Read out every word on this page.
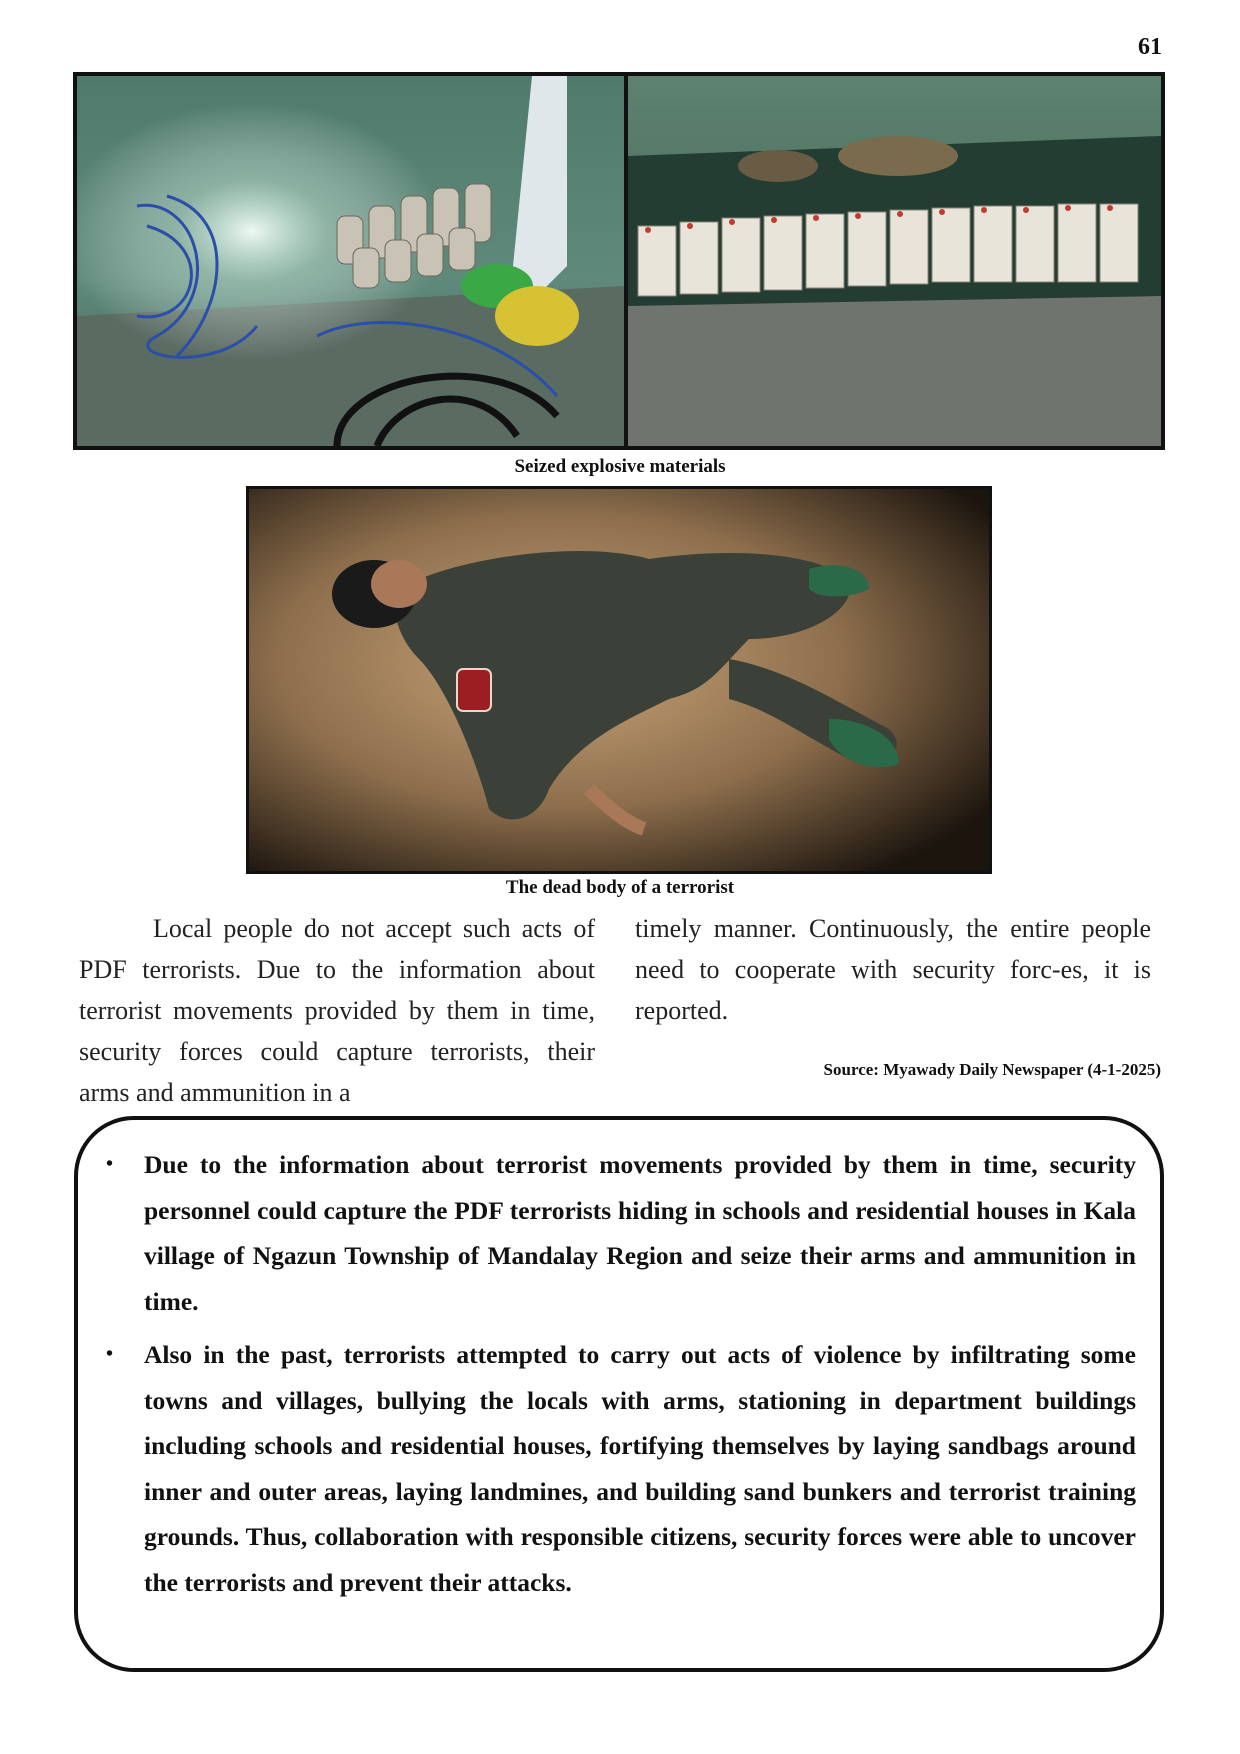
61
Seized explosive materials
The dead body of a terrorist
Local people do not accept such acts of PDF terrorists. Due to the information about terrorist movements provided by them in time, security forces could capture terrorists, their arms and ammunition in a
timely manner. Continuously, the entire people need to cooperate with security forc-es, it is reported.
Source: Myawady Daily Newspaper (4-1-2025)
• Due to the information about terrorist movements provided by them in time, security personnel could capture the PDF terrorists hiding in schools and residential houses in Kala village of Ngazun Township of Mandalay Region and seize their arms and ammunition in time.
• Also in the past, terrorists attempted to carry out acts of violence by infiltrating some towns and villages, bullying the locals with arms, stationing in department buildings including schools and residential houses, fortifying themselves by laying sandbags around inner and outer areas, laying landmines, and building sand bunkers and terrorist training grounds. Thus, collaboration with responsible citizens, security forces were able to uncover the terrorists and prevent their attacks.
